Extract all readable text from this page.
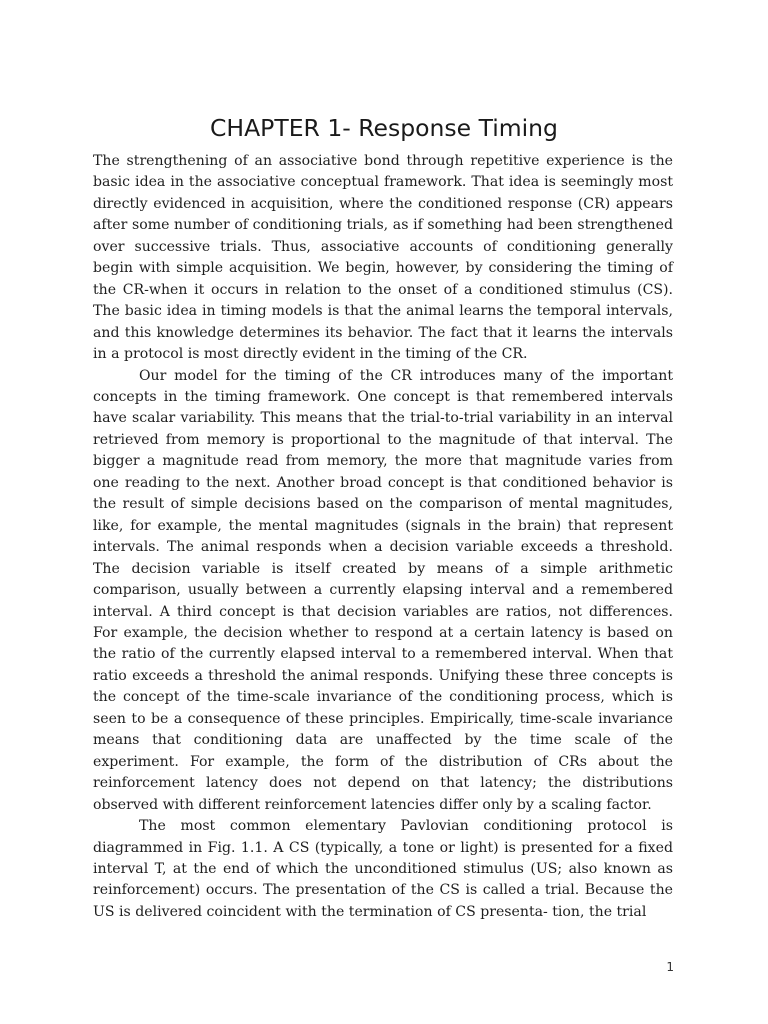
CHAPTER 1- Response Timing

The strengthening of an associative bond through repetitive experience is the basic idea in the associative conceptual framework. That idea is seemingly most directly evidenced in acquisition, where the conditioned response (CR) appears after some number of conditioning trials, as if something had been strengthened over successive trials. Thus, associative accounts of conditioning generally begin with simple acquisition. We begin, however, by considering the timing of the CR-when it occurs in relation to the onset of a conditioned stimulus (CS). The basic idea in timing models is that the animal learns the temporal intervals, and this knowledge determines its behavior. The fact that it learns the intervals in a protocol is most directly evident in the timing of the CR.

Our model for the timing of the CR introduces many of the important concepts in the timing framework. One concept is that remembered intervals have scalar variability. This means that the trial-to-trial variability in an interval retrieved from memory is proportional to the magnitude of that interval. The bigger a magnitude read from memory, the more that magnitude varies from one reading to the next. Another broad concept is that conditioned behavior is the result of simple decisions based on the comparison of mental magnitudes, like, for example, the mental magnitudes (signals in the brain) that represent intervals. The animal responds when a decision variable exceeds a threshold. The decision variable is itself created by means of a simple arithmetic comparison, usually between a currently elapsing interval and a remembered interval. A third concept is that decision variables are ratios, not differences. For example, the decision whether to respond at a certain latency is based on the ratio of the currently elapsed interval to a remembered interval. When that ratio exceeds a threshold the animal responds. Unifying these three concepts is the concept of the time-scale invariance of the conditioning process, which is seen to be a consequence of these principles. Empirically, time-scale invariance means that conditioning data are unaffected by the time scale of the experiment. For example, the form of the distribution of CRs about the reinforcement latency does not depend on that latency; the distributions observed with different reinforcement latencies differ only by a scaling factor.

The most common elementary Pavlovian conditioning protocol is diagrammed in Fig. 1.1. A CS (typically, a tone or light) is presented for a fixed interval T, at the end of which the unconditioned stimulus (US; also known as reinforcement) occurs. The presentation of the CS is called a trial. Because the US is delivered coincident with the termination of CS presenta- tion, the trial

1
